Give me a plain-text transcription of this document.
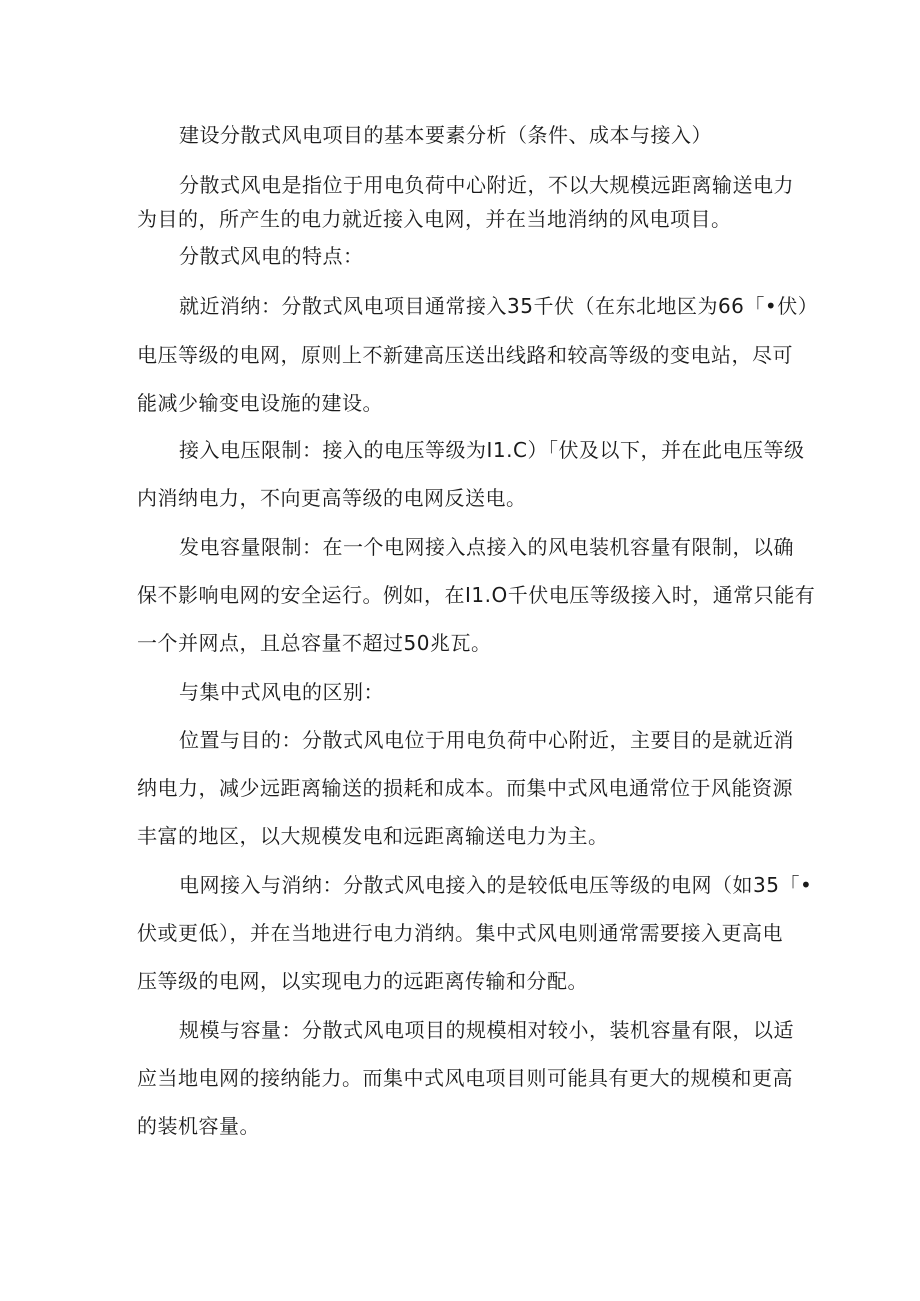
建设分散式风电项目的基本要素分析（条件、成本与接入）
分散式风电是指位于用电负荷中心附近，不以大规模远距离输送电力
为目的，所产生的电力就近接入电网，并在当地消纳的风电项目。
分散式风电的特点：
就近消纳：分散式风电项目通常接入35千伏（在东北地区为66「•伏）
电压等级的电网，原则上不新建高压送出线路和较高等级的变电站，尽可
能减少输变电设施的建设。
接入电压限制：接入的电压等级为I1.C）「伏及以下，并在此电压等级
内消纳电力，不向更高等级的电网反送电。
发电容量限制：在一个电网接入点接入的风电装机容量有限制，以确
保不影响电网的安全运行。例如，在I1.O千伏电压等级接入时，通常只能有
一个并网点，且总容量不超过50兆瓦。
与集中式风电的区别：
位置与目的：分散式风电位于用电负荷中心附近，主要目的是就近消
纳电力，减少远距离输送的损耗和成本。而集中式风电通常位于风能资源
丰富的地区，以大规模发电和远距离输送电力为主。
电网接入与消纳：分散式风电接入的是较低电压等级的电网（如35「•
伏或更低），并在当地进行电力消纳。集中式风电则通常需要接入更高电
压等级的电网，以实现电力的远距离传输和分配。
规模与容量：分散式风电项目的规模相对较小，装机容量有限，以适
应当地电网的接纳能力。而集中式风电项目则可能具有更大的规模和更高
的装机容量。
